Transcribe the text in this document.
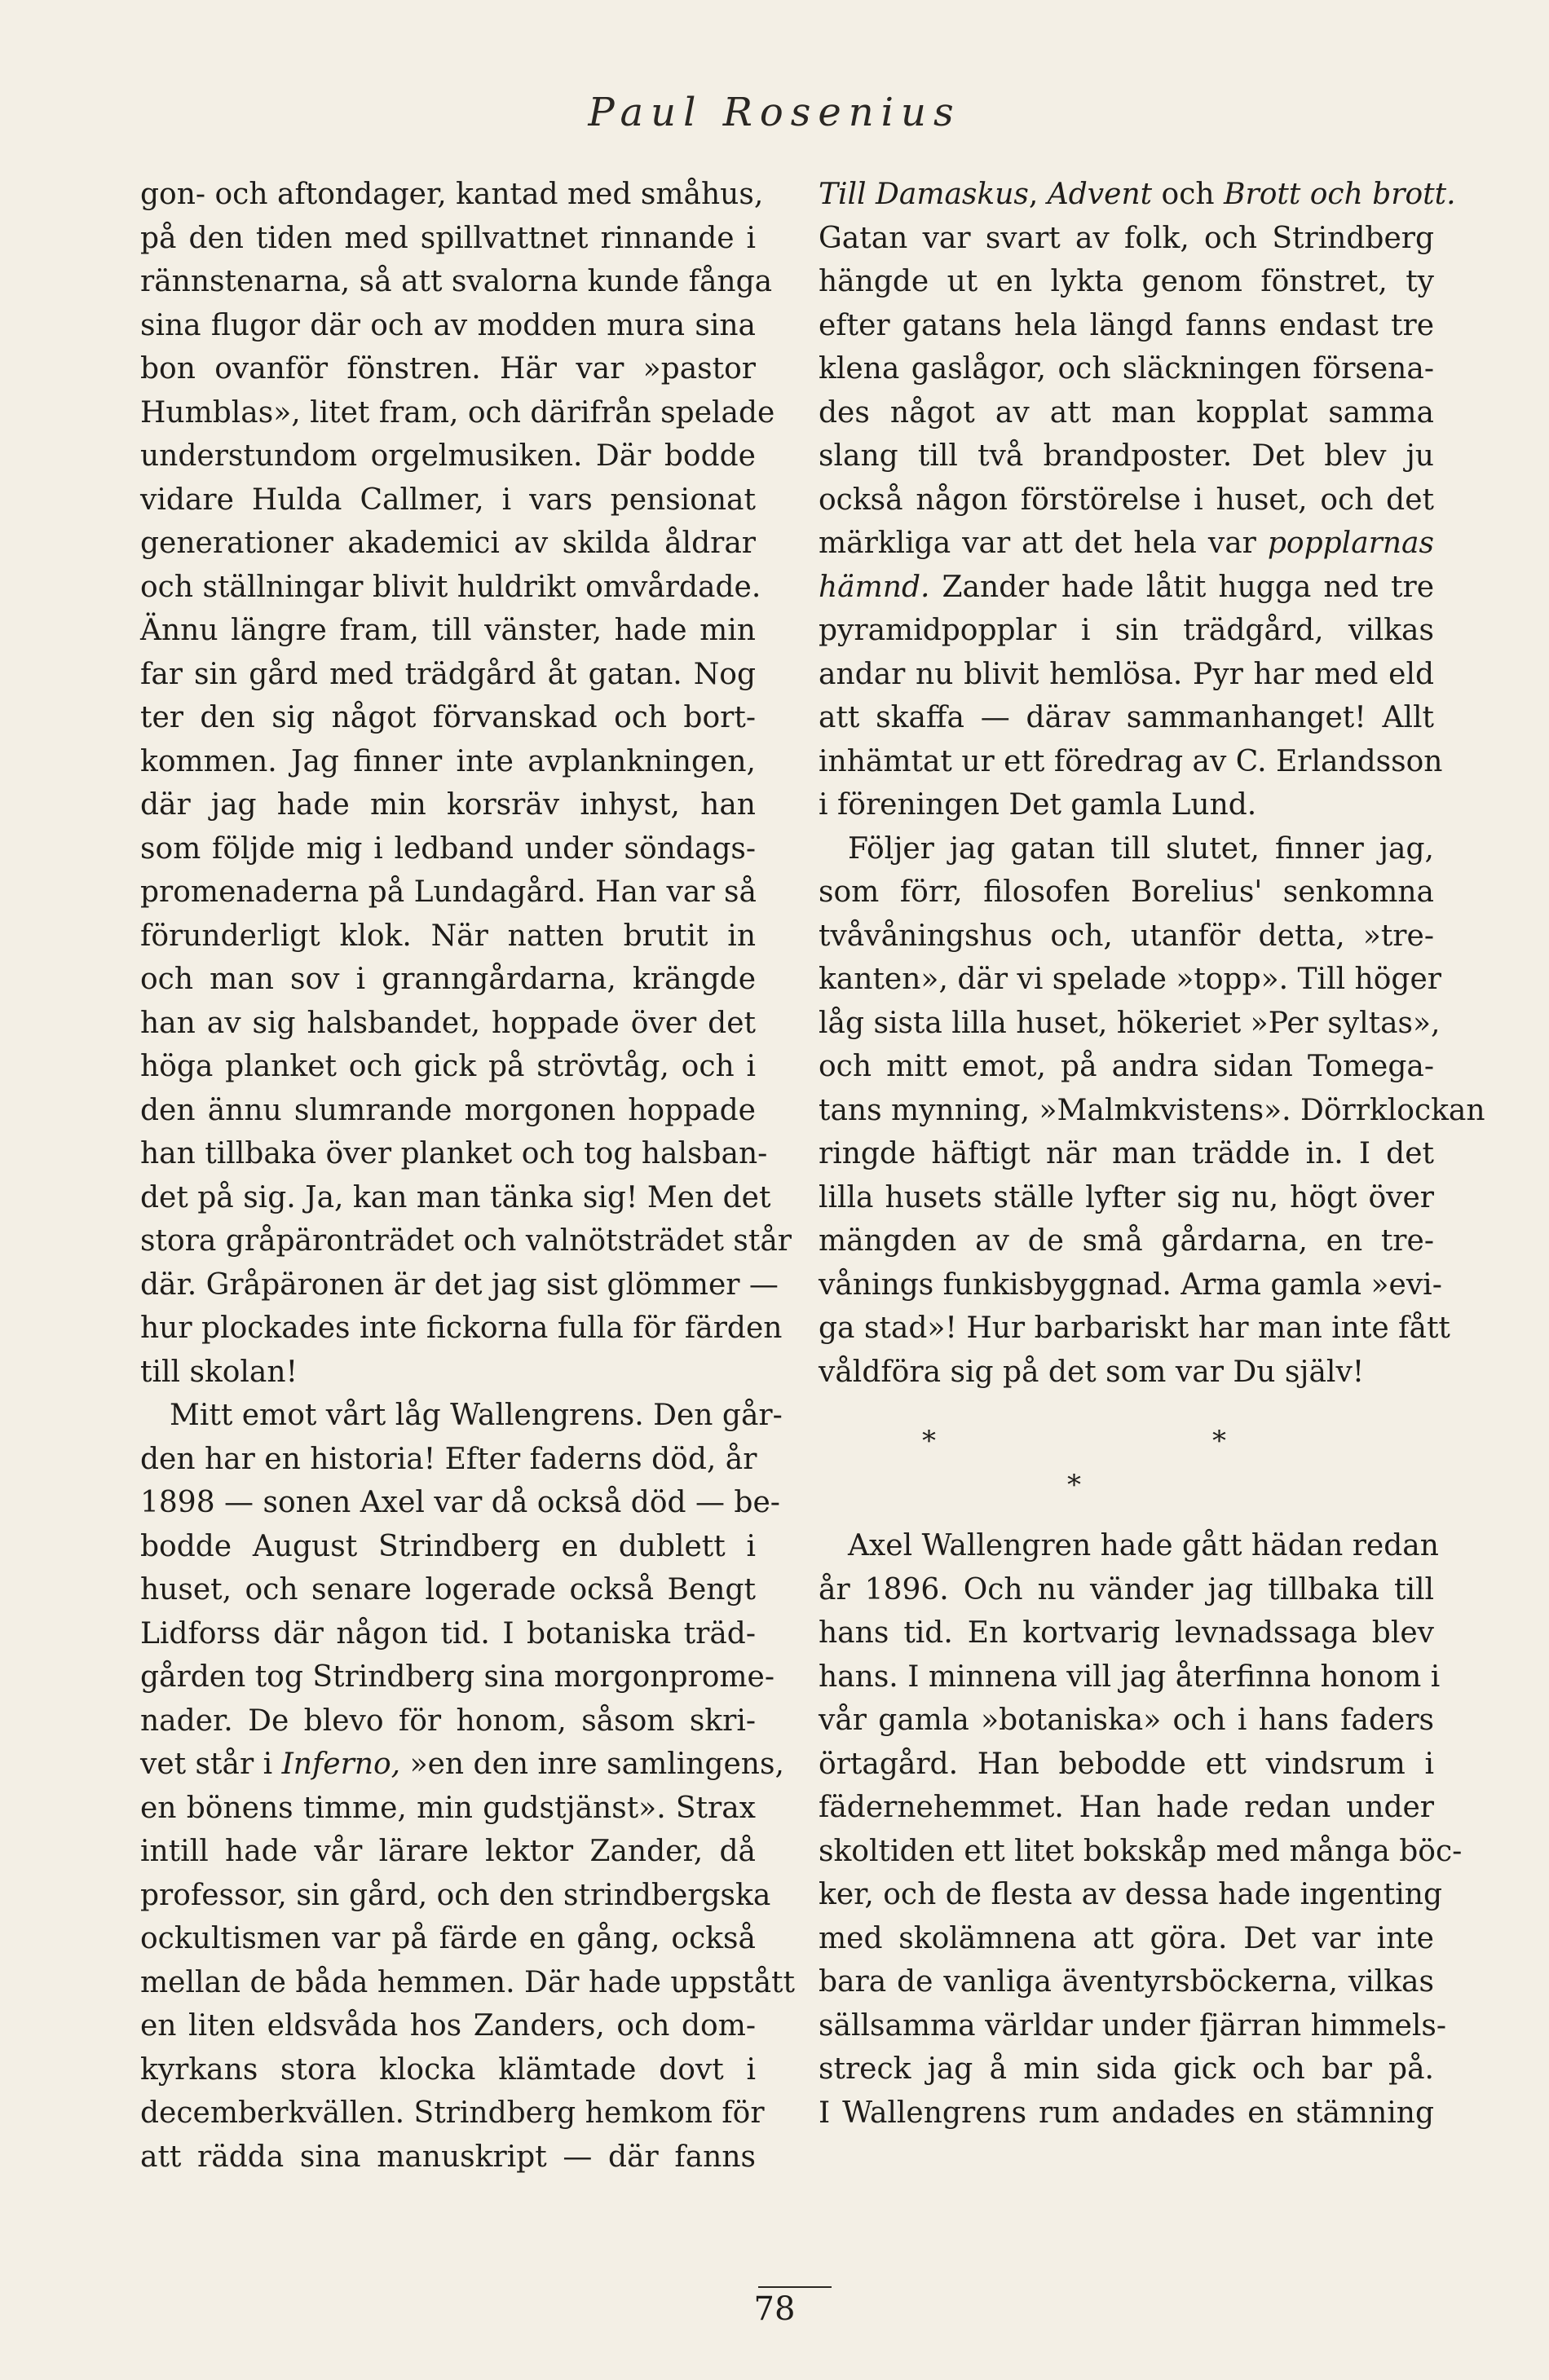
Paul Rosenius
gon- och aftondager, kantad med småhus,
på den tiden med spillvattnet rinnande i
rännstenarna, så att svalorna kunde fånga
sina flugor där och av modden mura sina
bon ovanför fönstren. Här var »pastor
Humblas», litet fram, och därifrån spelade
understundom orgelmusiken. Där bodde
vidare Hulda Callmer, i vars pensionat
generationer akademici av skilda åldrar
och ställningar blivit huldrikt omvårdade.
Ännu längre fram, till vänster, hade min
far sin gård med trädgård åt gatan. Nog
ter den sig något förvanskad och bort-
kommen. Jag finner inte avplankningen,
där jag hade min korsräv inhyst, han
som följde mig i ledband under söndags-
promenaderna på Lundagård. Han var så
förunderligt klok. När natten brutit in
och man sov i granngårdarna, krängde
han av sig halsbandet, hoppade över det
höga planket och gick på strövtåg, och i
den ännu slumrande morgonen hoppade
han tillbaka över planket och tog halsban-
det på sig. Ja, kan man tänka sig! Men det
stora gråpäronträdet och valnötsträdet står
där. Gråpäronen är det jag sist glömmer —
hur plockades inte fickorna fulla för färden
till skolan!
Mitt emot vårt låg Wallengrens. Den går-
den har en historia! Efter faderns död, år
1898 — sonen Axel var då också död — be-
bodde August Strindberg en dublett i
huset, och senare logerade också Bengt
Lidforss där någon tid. I botaniska träd-
gården tog Strindberg sina morgonprome-
nader. De blevo för honom, såsom skri-
vet står i Inferno, »en den inre samlingens,
en bönens timme, min gudstjänst». Strax
intill hade vår lärare lektor Zander, då
professor, sin gård, och den strindbergska
ockultismen var på färde en gång, också
mellan de båda hemmen. Där hade uppstått
en liten eldsvåda hos Zanders, och dom-
kyrkans stora klocka klämtade dovt i
decemberkvällen. Strindberg hemkom för
att rädda sina manuskript — där fanns
Till Damaskus, Advent och Brott och brott.
Gatan var svart av folk, och Strindberg
hängde ut en lykta genom fönstret, ty
efter gatans hela längd fanns endast tre
klena gaslågor, och släckningen försena-
des något av att man kopplat samma
slang till två brandposter. Det blev ju
också någon förstörelse i huset, och det
märkliga var att det hela var popplarnas
hämnd. Zander hade låtit hugga ned tre
pyramidpopplar i sin trädgård, vilkas
andar nu blivit hemlösa. Pyr har med eld
att skaffa — därav sammanhanget! Allt
inhämtat ur ett föredrag av C. Erlandsson
i föreningen Det gamla Lund.
Följer jag gatan till slutet, finner jag,
som förr, filosofen Borelius' senkomna
tvåvåningshus och, utanför detta, »tre-
kanten», där vi spelade »topp». Till höger
låg sista lilla huset, hökeriet »Per syltas»,
och mitt emot, på andra sidan Tomega-
tans mynning, »Malmkvistens». Dörrklockan
ringde häftigt när man trädde in. I det
lilla husets ställe lyfter sig nu, högt över
mängden av de små gårdarna, en tre-
vånings funkisbyggnad. Arma gamla »evi-
ga stad»! Hur barbariskt har man inte fått
våldföra sig på det som var Du själv!
*	*
*
Axel Wallengren hade gått hädan redan
år 1896. Och nu vänder jag tillbaka till
hans tid. En kortvarig levnadssaga blev
hans. I minnena vill jag återfinna honom i
vår gamla »botaniska» och i hans faders
örtagård. Han bebodde ett vindsrum i
fädernehemmet. Han hade redan under
skoltiden ett litet bokskåp med många böc-
ker, och de flesta av dessa hade ingenting
med skolämnena att göra. Det var inte
bara de vanliga äventyrsböckerna, vilkas
sällsamma världar under fjärran himmels-
streck jag å min sida gick och bar på.
I Wallengrens rum andades en stämning
78
